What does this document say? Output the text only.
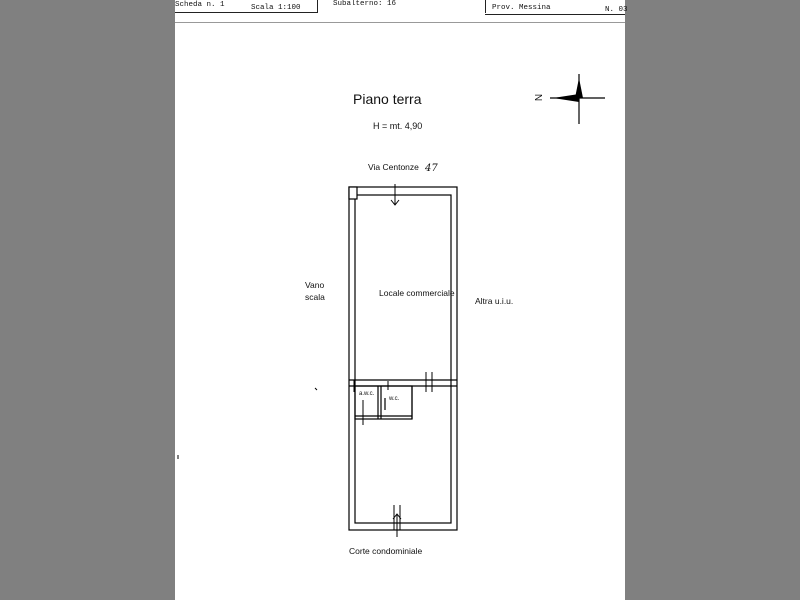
Scheda n. 1	Scala 1:100	Subalterno: 16	Prov. Messina	N. 03
Piano terra
H = mt. 4,90
N
Via Centonze 47
Locale commerciale
Vano
scala	Altra u.i.u.
a.w.c.
w.c.
Corte condominiale
